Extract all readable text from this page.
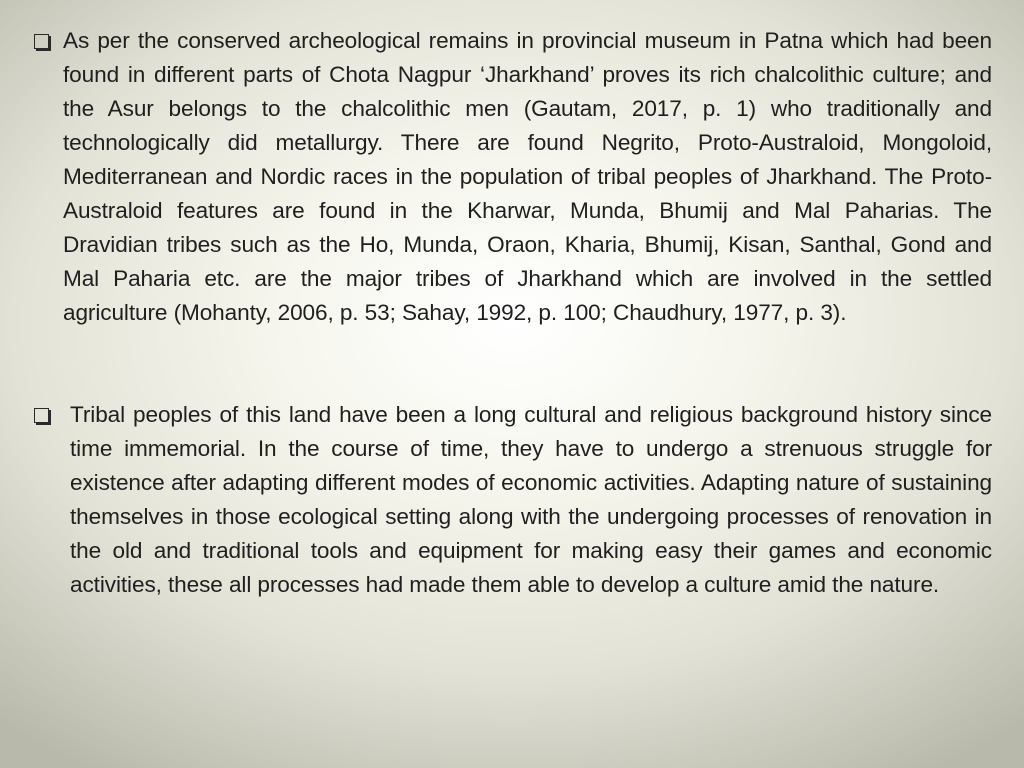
As per the conserved archeological remains in provincial museum in Patna which had been found in different parts of Chota Nagpur ‘Jharkhand’ proves its rich chalcolithic culture; and the Asur belongs to the chalcolithic men (Gautam, 2017, p. 1) who traditionally and technologically did metallurgy. There are found Negrito, Proto-Australoid, Mongoloid, Mediterranean and Nordic races in the population of tribal peoples of Jharkhand. The Proto-Australoid features are found in the Kharwar, Munda, Bhumij and Mal Paharias. The Dravidian tribes such as the Ho, Munda, Oraon, Kharia, Bhumij, Kisan, Santhal, Gond and Mal Paharia etc. are the major tribes of Jharkhand which are involved in the settled agriculture (Mohanty, 2006, p. 53; Sahay, 1992, p. 100; Chaudhury, 1977, p. 3).

Tribal peoples of this land have been a long cultural and religious background history since time immemorial. In the course of time, they have to undergo a strenuous struggle for existence after adapting different modes of economic activities. Adapting nature of sustaining themselves in those ecological setting along with the undergoing processes of renovation in the old and traditional tools and equipment for making easy their games and economic activities, these all processes had made them able to develop a culture amid the nature.
